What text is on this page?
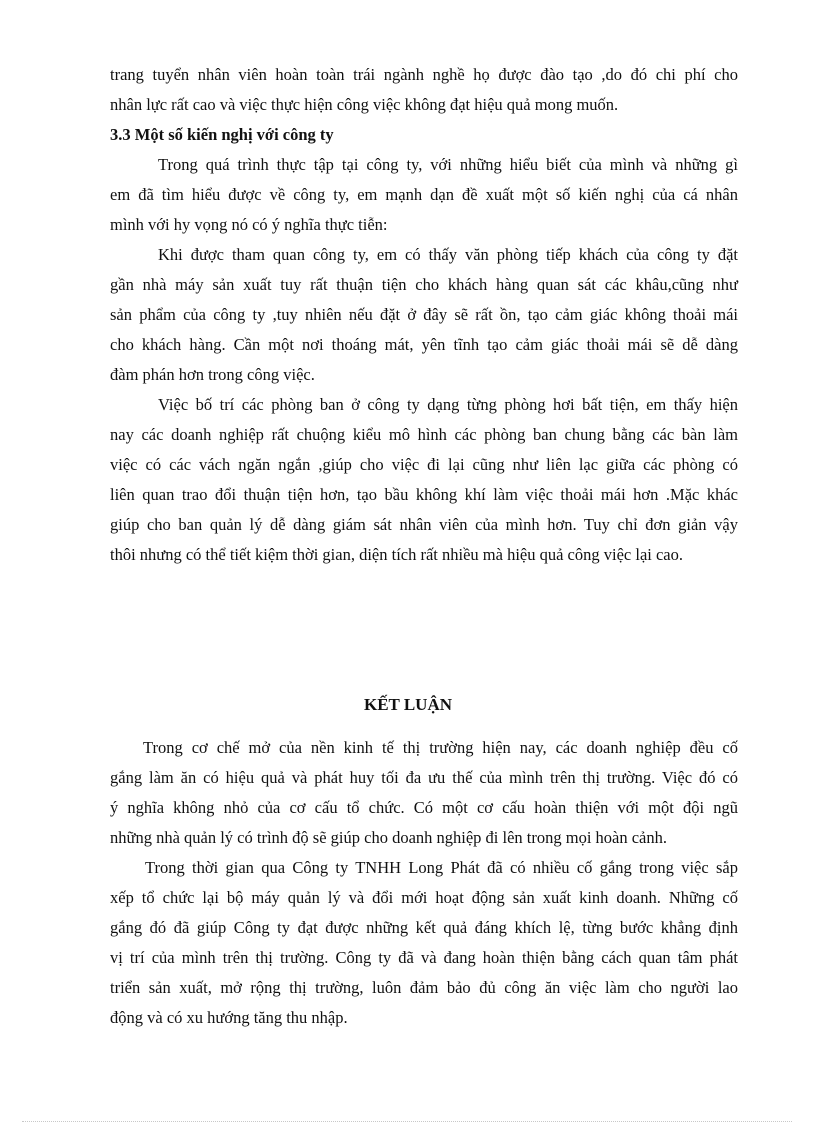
trang tuyển nhân viên hoàn toàn trái ngành nghề họ được đào tạo ,do đó chi phí cho
nhân lực rất cao và việc thực hiện công việc không đạt hiệu quả mong muốn.
3.3 Một số kiến nghị với công ty
Trong quá trình thực tập tại công ty, với những hiểu biết của mình và những gì
em đã tìm hiểu được về công ty, em mạnh dạn đề xuất một số kiến nghị của cá nhân
mình với hy vọng nó có ý nghĩa thực tiễn:
Khi được tham quan công ty, em có thấy văn phòng tiếp khách của công ty đặt
gần nhà máy sản xuất tuy rất thuận tiện cho khách hàng quan sát các khâu,cũng như
sản phẩm của công ty ,tuy nhiên nếu đặt ở đây sẽ rất ồn, tạo cảm giác không thoải mái
cho khách hàng. Cần một nơi thoáng mát, yên tĩnh tạo cảm giác thoải mái sẽ dễ dàng
đàm phán hơn trong công việc.
Việc bố trí các phòng ban ở công ty dạng từng phòng hơi bất tiện, em thấy hiện
nay các doanh nghiệp rất chuộng kiểu mô hình các phòng ban chung bằng các bàn làm
việc có các vách ngăn ngắn ,giúp cho việc đi lại cũng như liên lạc giữa các phòng có
liên quan trao đổi thuận tiện hơn, tạo bầu không khí làm việc thoải mái hơn .Mặc khác
giúp cho ban quản lý dễ dàng giám sát nhân viên của mình hơn. Tuy chỉ đơn giản vậy
thôi nhưng có thể tiết kiệm thời gian, diện tích rất nhiều mà hiệu quả công việc lại cao.
KẾT LUẬN
Trong cơ chế mở của nền kinh tế thị trường hiện nay, các doanh nghiệp đều cố
gắng làm ăn có hiệu quả và phát huy tối đa ưu thế của mình trên thị trường. Việc đó có
ý nghĩa không nhỏ của cơ cấu tổ chức. Có một cơ cấu hoàn thiện với một đội ngũ
những nhà quản lý có trình độ sẽ giúp cho doanh nghiệp đi lên trong mọi hoàn cảnh.
Trong thời gian qua Công ty TNHH Long Phát đã có nhiều cố gắng trong việc sắp
xếp tổ chức lại bộ máy quản lý và đổi mới hoạt động sản xuất kinh doanh. Những cố
gắng đó đã giúp Công ty đạt được những kết quả đáng khích lệ, từng bước khẳng định
vị trí của mình trên thị trường. Công ty đã và đang hoàn thiện bằng cách quan tâm phát
triển sản xuất, mở rộng thị trường, luôn đảm bảo đủ công ăn việc làm cho người lao
động và có xu hướng tăng thu nhập.
